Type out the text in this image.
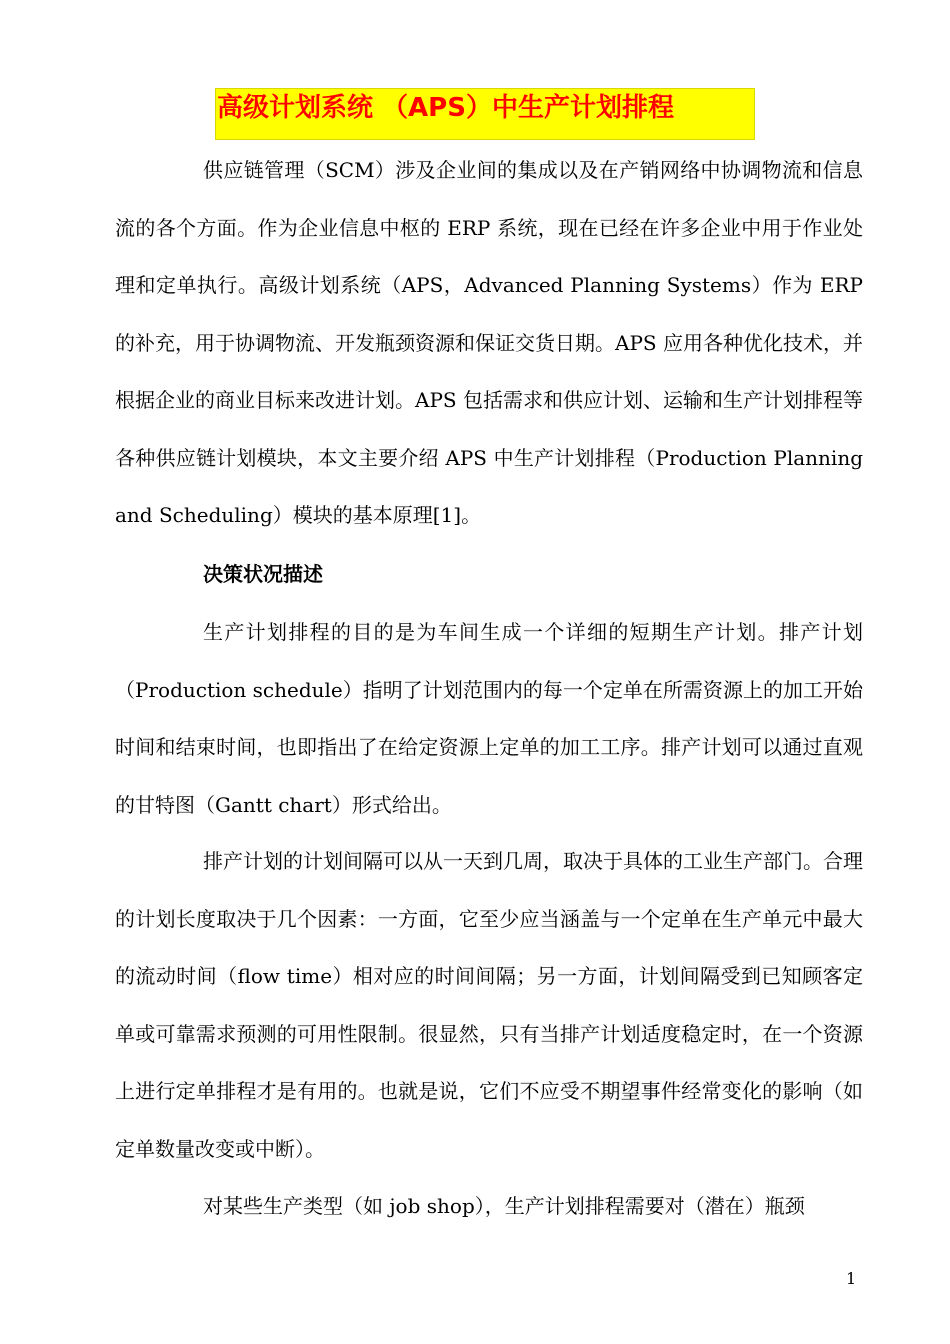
高级计划系统 （APS）中生产计划排程

供应链管理（SCM）涉及企业间的集成以及在产销网络中协调物流和信息流的各个方面。作为企业信息中枢的 ERP 系统，现在已经在许多企业中用于作业处理和定单执行。高级计划系统（APS，Advanced Planning Systems）作为 ERP 的补充，用于协调物流、开发瓶颈资源和保证交货日期。APS 应用各种优化技术，并根据企业的商业目标来改进计划。APS 包括需求和供应计划、运输和生产计划排程等各种供应链计划模块，本文主要介绍 APS 中生产计划排程（Production Planning and Scheduling）模块的基本原理[1]。

决策状况描述

生产计划排程的目的是为车间生成一个详细的短期生产计划。排产计划（Production schedule）指明了计划范围内的每一个定单在所需资源上的加工开始时间和结束时间，也即指出了在给定资源上定单的加工工序。排产计划可以通过直观的甘特图（Gantt chart）形式给出。

排产计划的计划间隔可以从一天到几周，取决于具体的工业生产部门。合理的计划长度取决于几个因素：一方面，它至少应当涵盖与一个定单在生产单元中最大的流动时间（flow time）相对应的时间间隔；另一方面，计划间隔受到已知顾客定单或可靠需求预测的可用性限制。很显然，只有当排产计划适度稳定时，在一个资源上进行定单排程才是有用的。也就是说，它们不应受不期望事件经常变化的影响（如定单数量改变或中断）。

对某些生产类型（如 job shop），生产计划排程需要对（潜在）瓶颈

1
